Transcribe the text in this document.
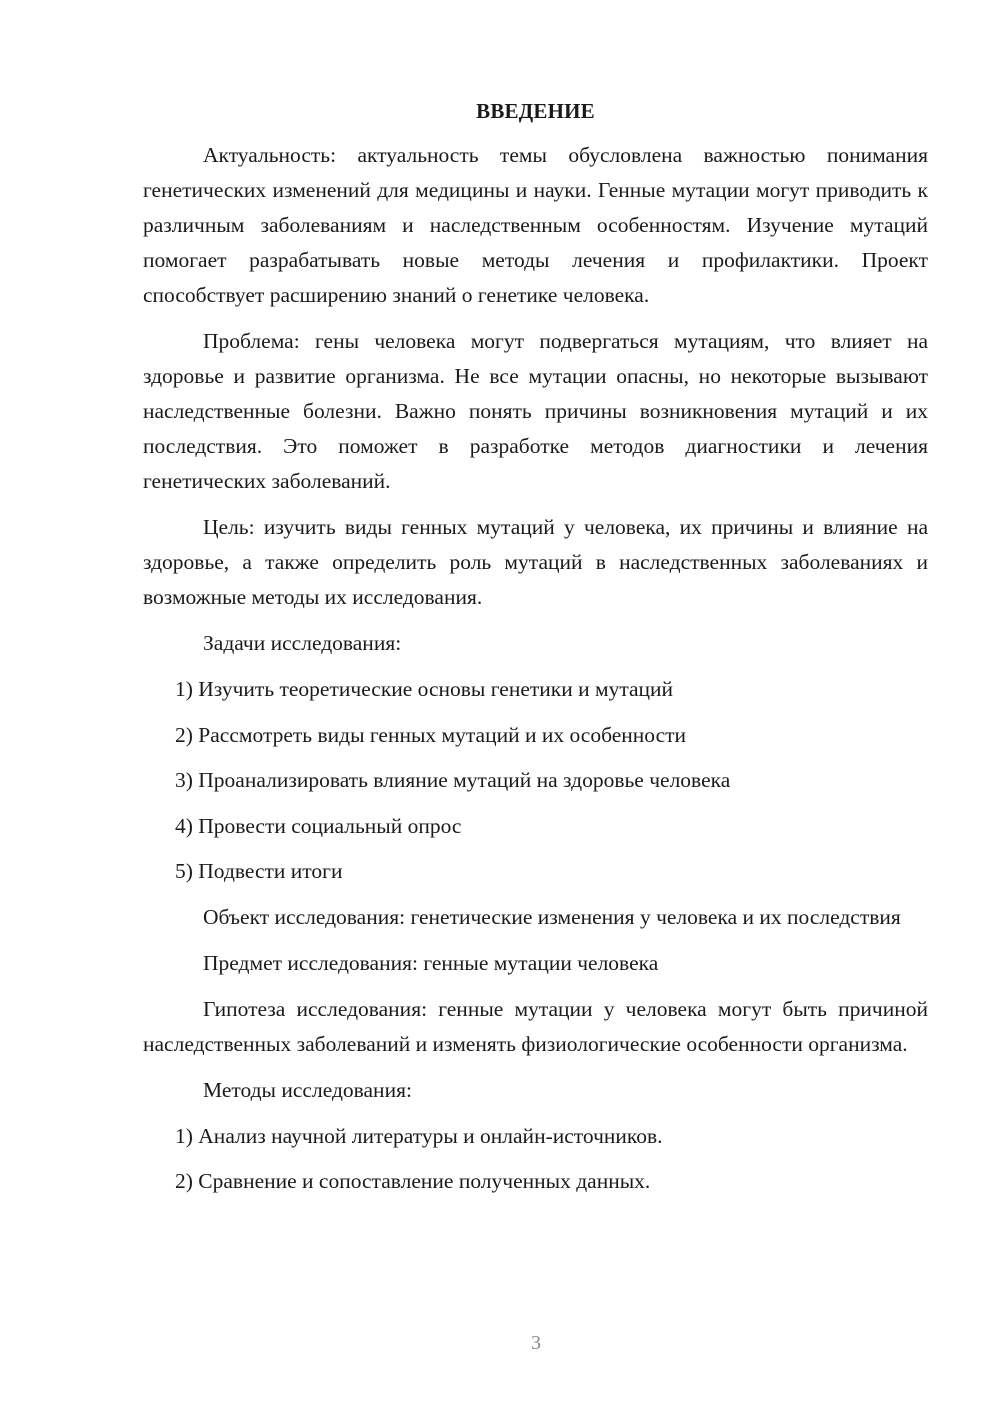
ВВЕДЕНИЕ

Актуальность: актуальность темы обусловлена важностью понимания генетических изменений для медицины и науки. Генные мутации могут приводить к различным заболеваниям и наследственным особенностям. Изучение мутаций помогает разрабатывать новые методы лечения и профилактики. Проект способствует расширению знаний о генетике человека.

Проблема: гены человека могут подвергаться мутациям, что влияет на здоровье и развитие организма. Не все мутации опасны, но некоторые вызывают наследственные болезни. Важно понять причины возникновения мутаций и их последствия. Это поможет в разработке методов диагностики и лечения генетических заболеваний.

Цель: изучить виды генных мутаций у человека, их причины и влияние на здоровье, а также определить роль мутаций в наследственных заболеваниях и возможные методы их исследования.

Задачи исследования:

1) Изучить теоретические основы генетики и мутаций
2) Рассмотреть виды генных мутаций и их особенности
3) Проанализировать влияние мутаций на здоровье человека
4) Провести социальный опрос
5) Подвести итоги

Объект исследования: генетические изменения у человека и их последствия

Предмет исследования: генные мутации человека

Гипотеза исследования: генные мутации у человека могут быть причиной наследственных заболеваний и изменять физиологические особенности организма.

Методы исследования:

1) Анализ научной литературы и онлайн-источников.
2) Сравнение и сопоставление полученных данных.
3
